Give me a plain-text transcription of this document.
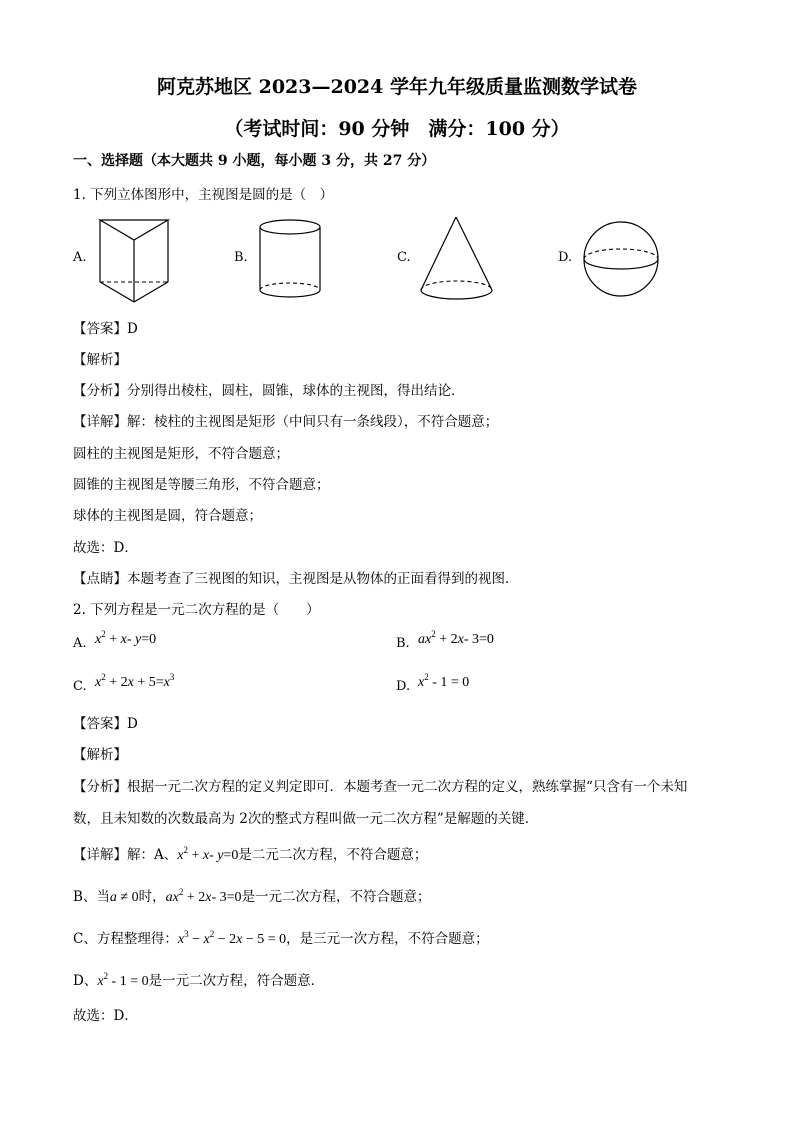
阿克苏地区 2023—2024 学年九年级质量监测数学试卷
（考试时间：90 分钟　满分：100 分）
一、选择题（本大题共 9 小题，每小题 3 分，共 27 分）
1. 下列立体图形中，主视图是圆的是（　）
A.	B.	C.	D.
【答案】D
【解析】
【分析】分别得出棱柱，圆柱，圆锥，球体的主视图，得出结论．
【详解】解：棱柱的主视图是矩形（中间只有一条线段），不符合题意；
圆柱的主视图是矩形，不符合题意；
圆锥的主视图是等腰三角形，不符合题意；
球体的主视图是圆，符合题意；
故选：D．
【点睛】本题考查了三视图的知识，主视图是从物体的正面看得到的视图．
2. 下列方程是一元二次方程的是（　　）
A. $x^2 + x-$ y=0	B. $ax^2 + 2x-$ 3=0
C. $x^2 + 2x + 5=x^3$
D. $x^2 - 1 = 0$
【答案】D
【解析】
【分析】根据一元二次方程的定义判定即可．本题考查一元二次方程的定义，熟练掌握“只含有一个未知
数，且未知数的次数最高为 2次的整式方程叫做一元二次方程”是解题的关键．
【详解】解：A、$x^2 + x-$ y=0是二元二次方程，不符合题意；
B、当a ≠ 0时，$ax^2 + 2x-$ 3=0是一元二次方程，不符合题意；
C、方程整理得：$x^3 - x^2 - 2x - 5 = 0$，是三元一次方程，不符合题意；
D、$x^2 - 1 = 0$是一元二次方程，符合题意．
故选：D．
